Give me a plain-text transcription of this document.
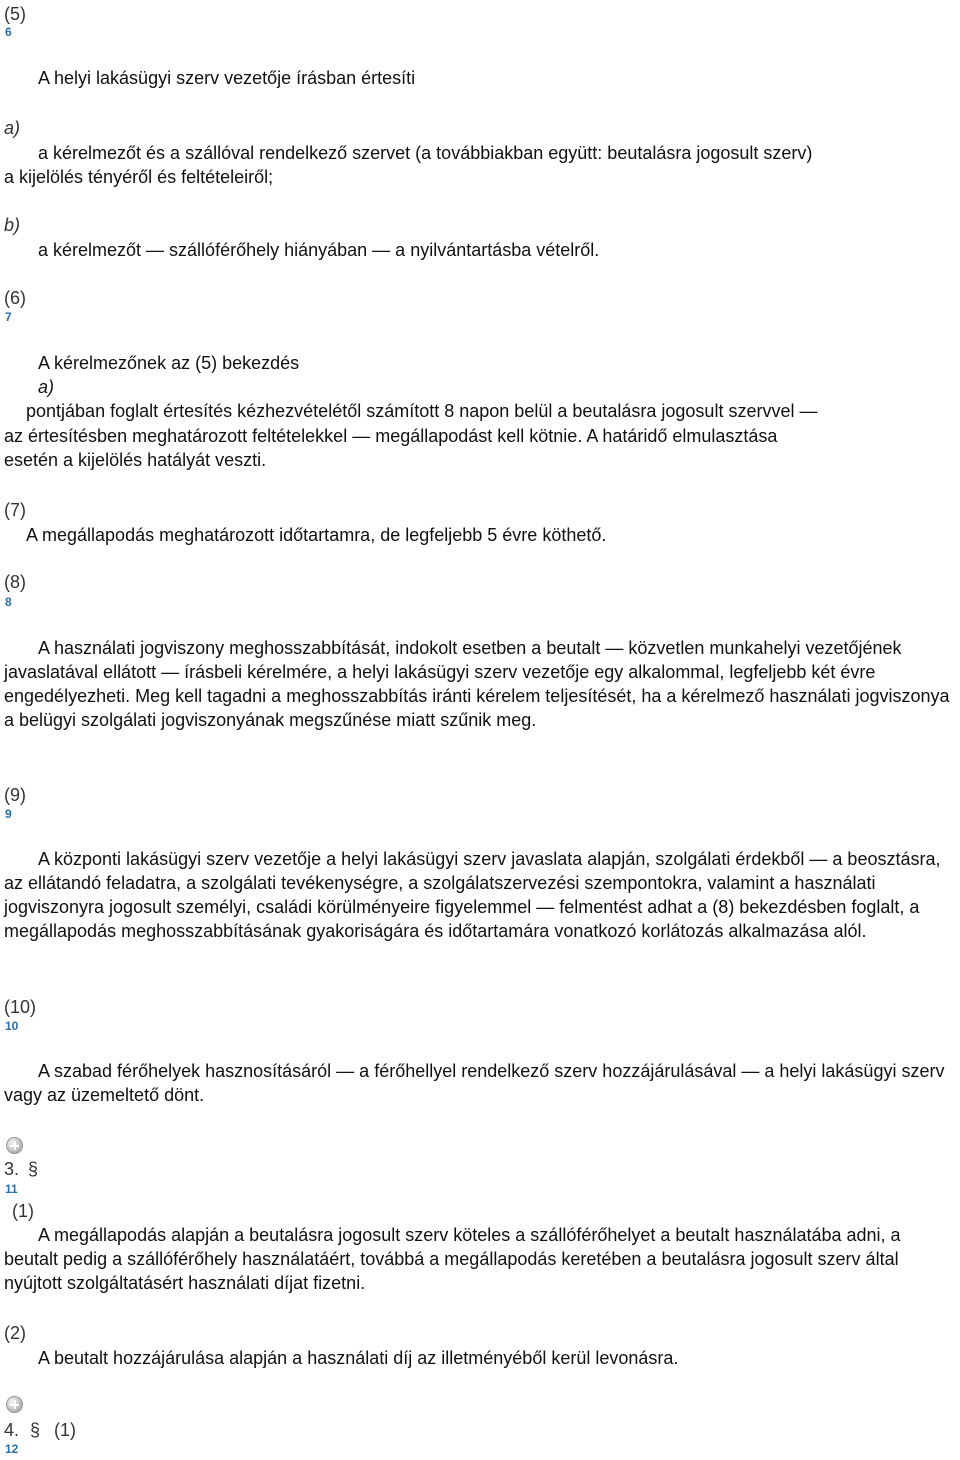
(5)
6
A helyi lakásügyi szerv vezetője írásban értesíti
a)
a kérelmezőt és a szállóval rendelkező szervet (a továbbiakban együtt: beutalásra jogosult szerv)
a kijelölés tényéről és feltételeiről;
b)
a kérelmezőt — szállóférőhely hiányában — a nyilvántartásba vételről.
(6)
7
A kérelmezőnek az (5) bekezdés
a)
pontjában foglalt értesítés kézhezvételétől számított 8 napon belül a beutalásra jogosult szervvel —
az értesítésben meghatározott feltételekkel — megállapodást kell kötnie. A határidő elmulasztása
esetén a kijelölés hatályát veszti.
(7)
A megállapodás meghatározott időtartamra, de legfeljebb 5 évre köthető.
(8)
8
A használati jogviszony meghosszabbítását, indokolt esetben a beutalt — közvetlen munkahelyi vezetőjének javaslatával ellátott — írásbeli kérelmére, a helyi lakásügyi szerv vezetője egy alkalommal, legfeljebb két évre engedélyezheti. Meg kell tagadni a meghosszabbítás iránti kérelem teljesítését, ha a kérelmező használati jogviszonya a belügyi szolgálati jogviszonyának megszűnése miatt szűnik meg.
(9)
9
A központi lakásügyi szerv vezetője a helyi lakásügyi szerv javaslata alapján, szolgálati érdekből — a beosztásra, az ellátandó feladatra, a szolgálati tevékenységre, a szolgálatszervezési szempontokra, valamint a használati jogviszonyra jogosult személyi, családi körülményeire figyelemmel — felmentést adhat a (8) bekezdésben foglalt, a megállapodás meghosszabbításának gyakoriságára és időtartamára vonatkozó korlátozás alkalmazása alól.
(10)
10
A szabad férőhelyek hasznosításáról — a férőhellyel rendelkező szerv hozzájárulásával — a helyi lakásügyi szerv vagy az üzemeltető dönt.
3. §
11
(1)
A megállapodás alapján a beutalásra jogosult szerv köteles a szállóférőhelyet a beutalt használatába adni, a beutalt pedig a szállóférőhely használatáért, továbbá a megállapodás keretében a beutalásra jogosult szerv által nyújtott szolgáltatásért használati díjat fizetni.
(2)
A beutalt hozzájárulása alapján a használati díj az illetményéből kerül levonásra.
4. § (1)
12
